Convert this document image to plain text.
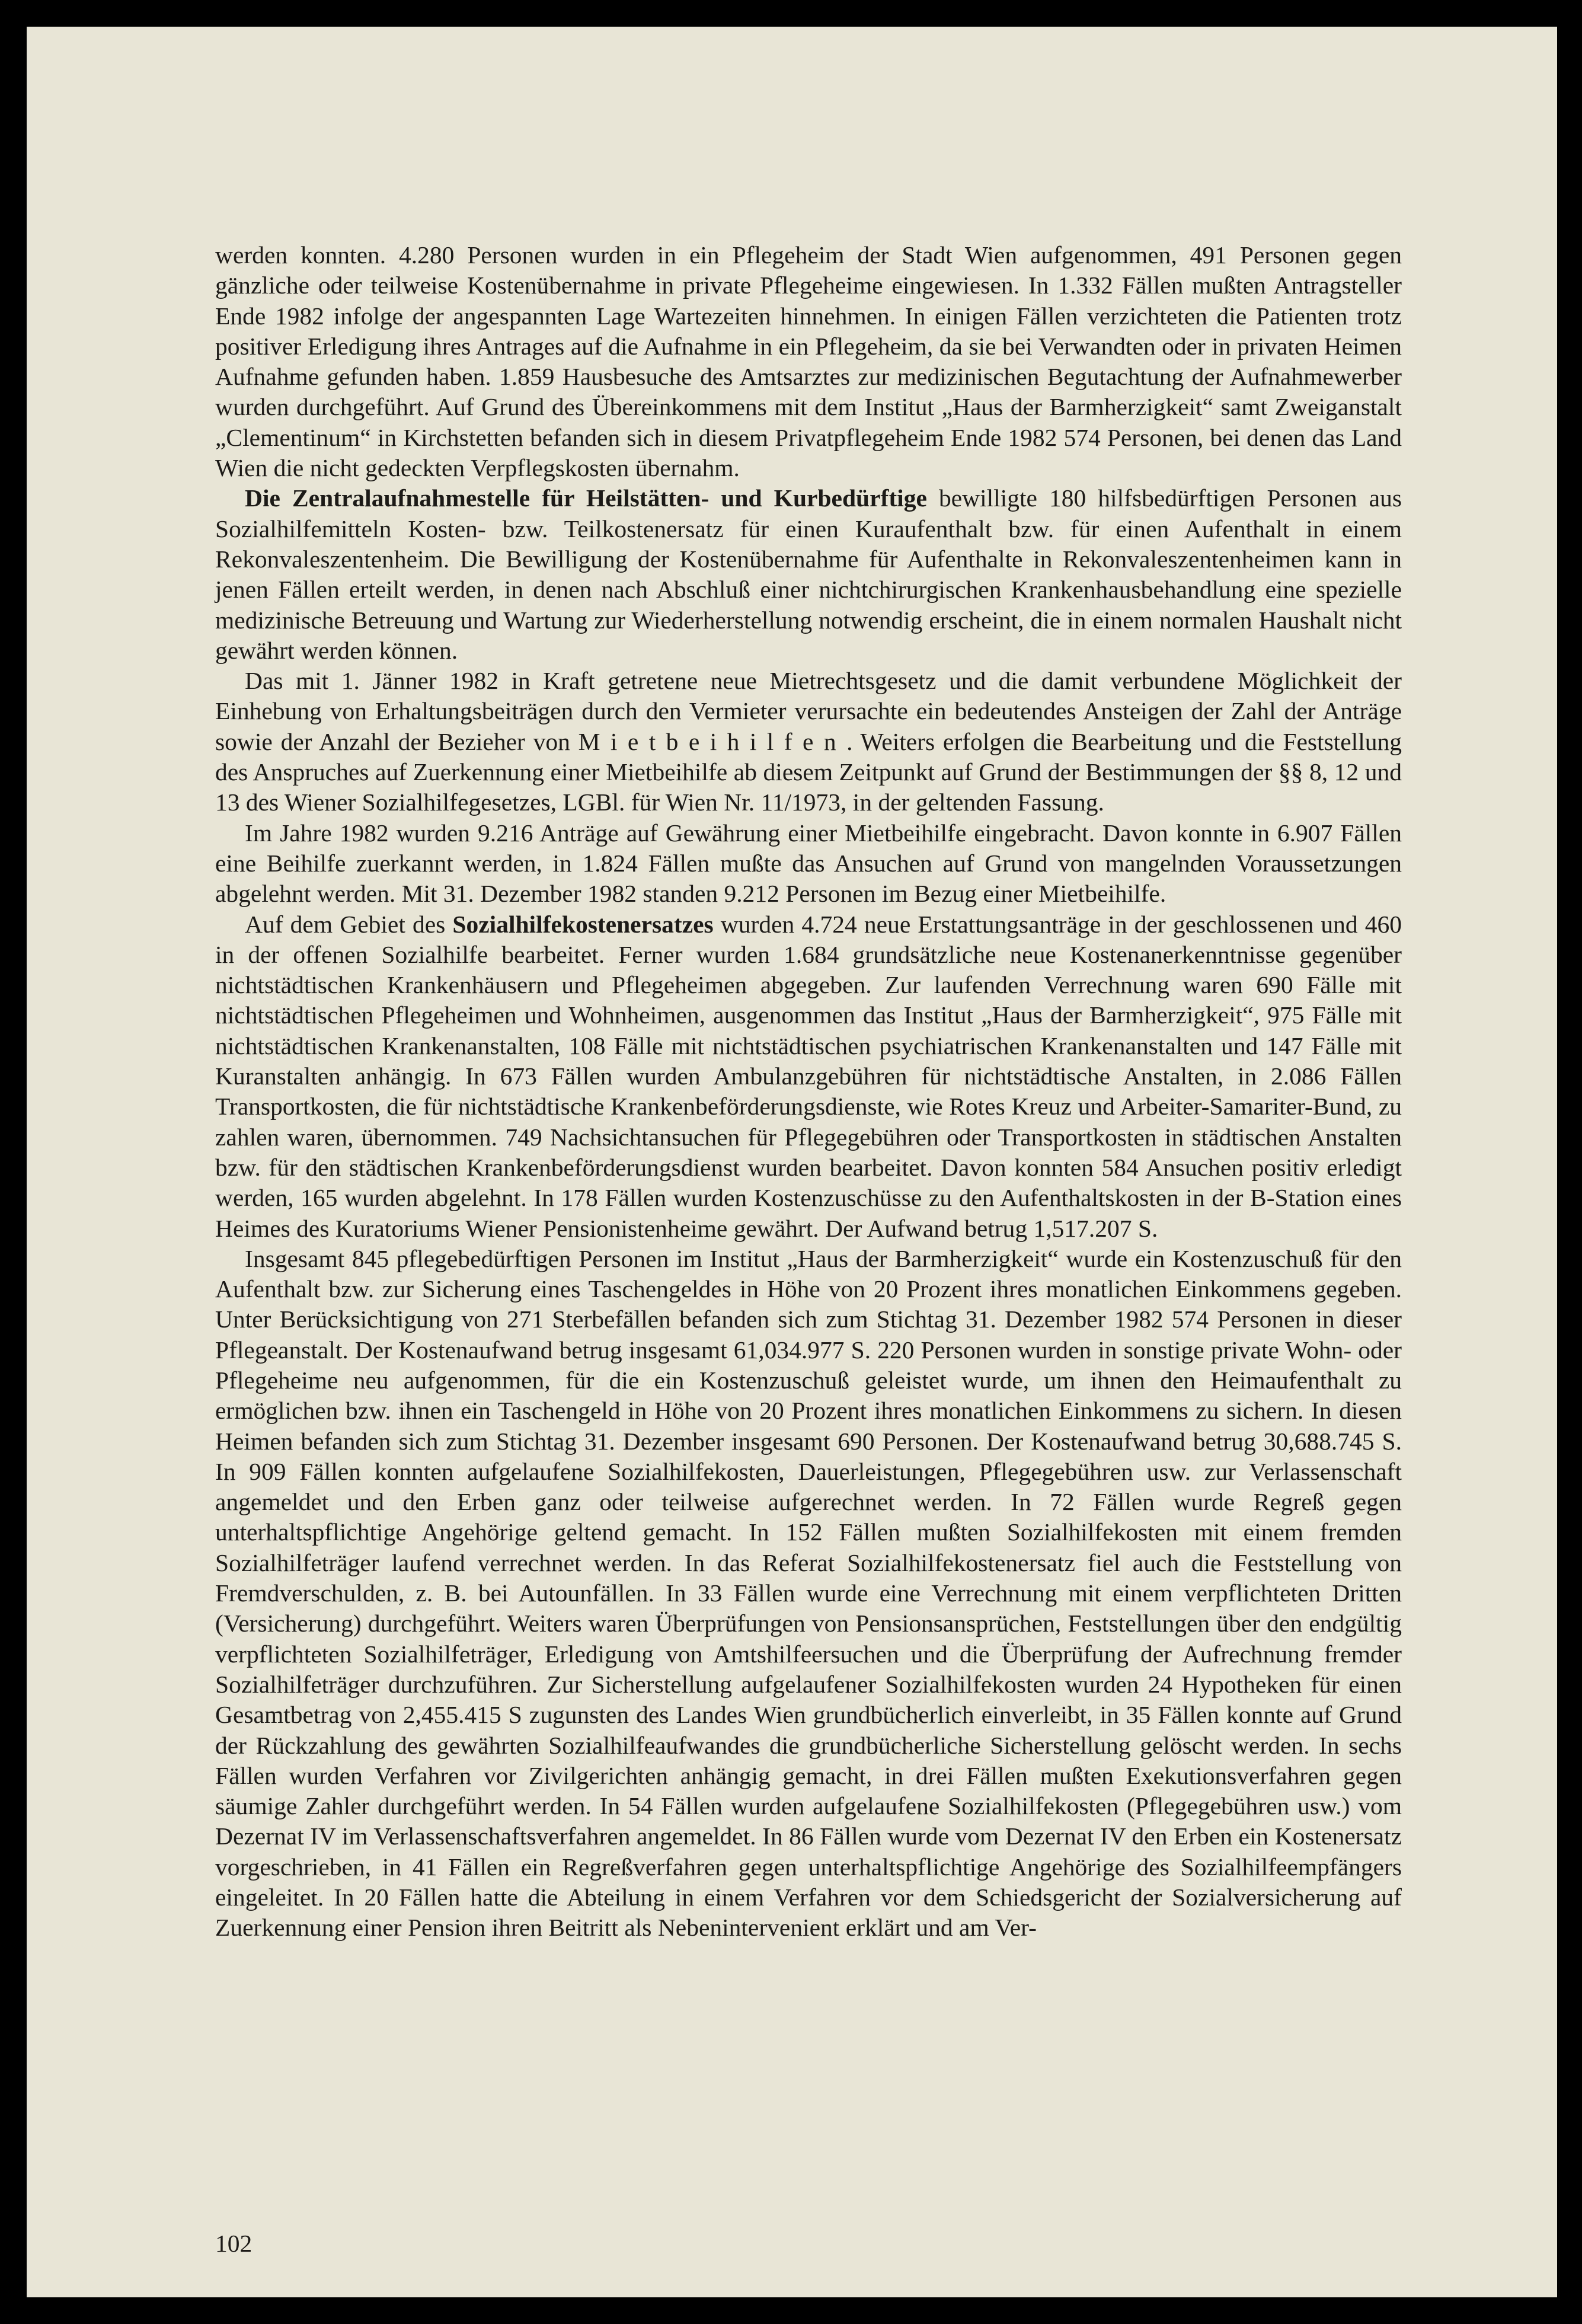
werden konnten. 4.280 Personen wurden in ein Pflegeheim der Stadt Wien aufgenommen, 491 Personen gegen gänzliche oder teilweise Kostenübernahme in private Pflegeheime eingewiesen. In 1.332 Fällen mußten Antragsteller Ende 1982 infolge der angespannten Lage Wartezeiten hinnehmen. In einigen Fällen verzichteten die Patienten trotz positiver Erledigung ihres Antrages auf die Aufnahme in ein Pflegeheim, da sie bei Verwandten oder in privaten Heimen Aufnahme gefunden haben. 1.859 Hausbesuche des Amtsarztes zur medizinischen Begutachtung der Aufnahmewerber wurden durchgeführt. Auf Grund des Übereinkommens mit dem Institut „Haus der Barmherzigkeit“ samt Zweiganstalt „Clementinum“ in Kirchstetten befanden sich in diesem Privatpflegeheim Ende 1982 574 Personen, bei denen das Land Wien die nicht gedeckten Verpflegskosten übernahm.

Die Zentralaufnahmestelle für Heilstätten- und Kurbedürftige bewilligte 180 hilfsbedürftigen Personen aus Sozialhilfemitteln Kosten- bzw. Teilkostenersatz für einen Kuraufenthalt bzw. für einen Aufenthalt in einem Rekonvaleszentenheim. Die Bewilligung der Kostenübernahme für Aufenthalte in Rekonvaleszentenheimen kann in jenen Fällen erteilt werden, in denen nach Abschluß einer nichtchirurgischen Krankenhausbehandlung eine spezielle medizinische Betreuung und Wartung zur Wiederherstellung notwendig erscheint, die in einem normalen Haushalt nicht gewährt werden können.

Das mit 1. Jänner 1982 in Kraft getretene neue Mietrechtsgesetz und die damit verbundene Möglichkeit der Einhebung von Erhaltungsbeiträgen durch den Vermieter verursachte ein bedeutendes Ansteigen der Zahl der Anträge sowie der Anzahl der Bezieher von Mietbeihilfen. Weiters erfolgen die Bearbeitung und die Feststellung des Anspruches auf Zuerkennung einer Mietbeihilfe ab diesem Zeitpunkt auf Grund der Bestimmungen der §§ 8, 12 und 13 des Wiener Sozialhilfegesetzes, LGBl. für Wien Nr. 11/1973, in der geltenden Fassung.

Im Jahre 1982 wurden 9.216 Anträge auf Gewährung einer Mietbeihilfe eingebracht. Davon konnte in 6.907 Fällen eine Beihilfe zuerkannt werden, in 1.824 Fällen mußte das Ansuchen auf Grund von mangelnden Voraussetzungen abgelehnt werden. Mit 31. Dezember 1982 standen 9.212 Personen im Bezug einer Mietbeihilfe.

Auf dem Gebiet des Sozialhilfekostenersatzes wurden 4.724 neue Erstattungsanträge in der geschlossenen und 460 in der offenen Sozialhilfe bearbeitet. Ferner wurden 1.684 grundsätzliche neue Kostenanerkenntnisse gegenüber nichtstädtischen Krankenhäusern und Pflegeheimen abgegeben. Zur laufenden Verrechnung waren 690 Fälle mit nichtstädtischen Pflegeheimen und Wohnheimen, ausgenommen das Institut „Haus der Barmherzigkeit“, 975 Fälle mit nichtstädtischen Krankenanstalten, 108 Fälle mit nichtstädtischen psychiatrischen Krankenanstalten und 147 Fälle mit Kuranstalten anhängig. In 673 Fällen wurden Ambulanzgebühren für nichtstädtische Anstalten, in 2.086 Fällen Transportkosten, die für nichtstädtische Krankenbeförderungsdienste, wie Rotes Kreuz und Arbeiter-Samariter-Bund, zu zahlen waren, übernommen. 749 Nachsichtansuchen für Pflegegebühren oder Transportkosten in städtischen Anstalten bzw. für den städtischen Krankenbeförderungsdienst wurden bearbeitet. Davon konnten 584 Ansuchen positiv erledigt werden, 165 wurden abgelehnt. In 178 Fällen wurden Kostenzuschüsse zu den Aufenthaltskosten in der B-Station eines Heimes des Kuratoriums Wiener Pensionistenheime gewährt. Der Aufwand betrug 1,517.207 S.

Insgesamt 845 pflegebedürftigen Personen im Institut „Haus der Barmherzigkeit“ wurde ein Kostenzuschuß für den Aufenthalt bzw. zur Sicherung eines Taschengeldes in Höhe von 20 Prozent ihres monatlichen Einkommens gegeben. Unter Berücksichtigung von 271 Sterbefällen befanden sich zum Stichtag 31. Dezember 1982 574 Personen in dieser Pflegeanstalt. Der Kostenaufwand betrug insgesamt 61,034.977 S. 220 Personen wurden in sonstige private Wohn- oder Pflegeheime neu aufgenommen, für die ein Kostenzuschuß geleistet wurde, um ihnen den Heimaufenthalt zu ermöglichen bzw. ihnen ein Taschengeld in Höhe von 20 Prozent ihres monatlichen Einkommens zu sichern. In diesen Heimen befanden sich zum Stichtag 31. Dezember insgesamt 690 Personen. Der Kostenaufwand betrug 30,688.745 S. In 909 Fällen konnten aufgelaufene Sozialhilfekosten, Dauerleistungen, Pflegegebühren usw. zur Verlassenschaft angemeldet und den Erben ganz oder teilweise aufgerechnet werden. In 72 Fällen wurde Regreß gegen unterhaltspflichtige Angehörige geltend gemacht. In 152 Fällen mußten Sozialhilfekosten mit einem fremden Sozialhilfeträger laufend verrechnet werden. In das Referat Sozialhilfekostenersatz fiel auch die Feststellung von Fremdverschulden, z. B. bei Autounfällen. In 33 Fällen wurde eine Verrechnung mit einem verpflichteten Dritten (Versicherung) durchgeführt. Weiters waren Überprüfungen von Pensionsansprüchen, Feststellungen über den endgültig verpflichteten Sozialhilfeträger, Erledigung von Amtshilfeersuchen und die Überprüfung der Aufrechnung fremder Sozialhilfeträger durchzuführen. Zur Sicherstellung aufgelaufener Sozialhilfekosten wurden 24 Hypotheken für einen Gesamtbetrag von 2,455.415 S zugunsten des Landes Wien grundbücherlich einverleibt, in 35 Fällen konnte auf Grund der Rückzahlung des gewährten Sozialhilfeaufwandes die grundbücherliche Sicherstellung gelöscht werden. In sechs Fällen wurden Verfahren vor Zivilgerichten anhängig gemacht, in drei Fällen mußten Exekutionsverfahren gegen säumige Zahler durchgeführt werden. In 54 Fällen wurden aufgelaufene Sozialhilfekosten (Pflegegebühren usw.) vom Dezernat IV im Verlassenschaftsverfahren angemeldet. In 86 Fällen wurde vom Dezernat IV den Erben ein Kostenersatz vorgeschrieben, in 41 Fällen ein Regreßverfahren gegen unterhaltspflichtige Angehörige des Sozialhilfeempfängers eingeleitet. In 20 Fällen hatte die Abteilung in einem Verfahren vor dem Schiedsgericht der Sozialversicherung auf Zuerkennung einer Pension ihren Beitritt als Nebenintervenient erklärt und am Ver-

102
